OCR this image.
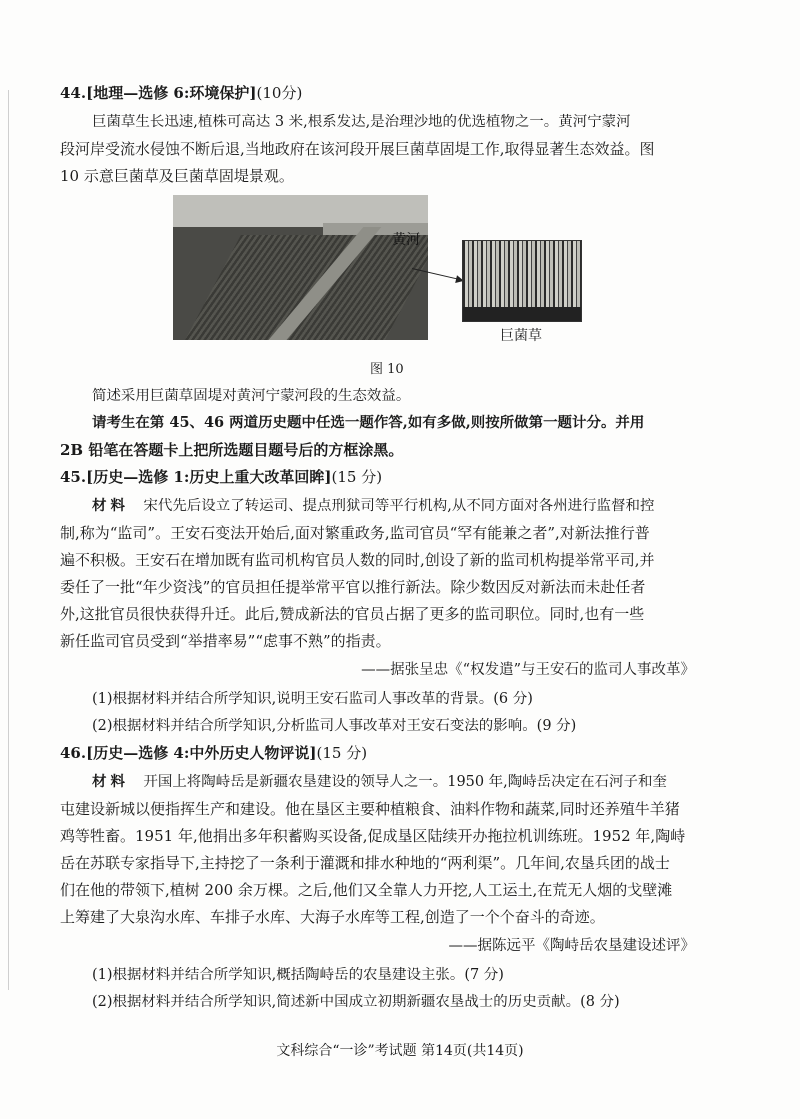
44.[地理—选修 6:环境保护](10分)
巨菌草生长迅速,植株可高达 3 米,根系发达,是治理沙地的优选植物之一。黄河宁蒙河
段河岸受流水侵蚀不断后退,当地政府在该河段开展巨菌草固堤工作,取得显著生态效益。图
10 示意巨菌草及巨菌草固堤景观。
黄河
巨菌草
图 10
简述采用巨菌草固堤对黄河宁蒙河段的生态效益。
请考生在第 45、46 两道历史题中任选一题作答,如有多做,则按所做第一题计分。并用
2B 铅笔在答题卡上把所选题目题号后的方框涂黑。
45.[历史—选修 1:历史上重大改革回眸](15 分)
材料  宋代先后设立了转运司、提点刑狱司等平行机构,从不同方面对各州进行监督和控
制,称为“监司”。王安石变法开始后,面对繁重政务,监司官员“罕有能兼之者”,对新法推行普
遍不积极。王安石在增加既有监司机构官员人数的同时,创设了新的监司机构提举常平司,并
委任了一批“年少资浅”的官员担任提举常平官以推行新法。除少数因反对新法而未赴任者
外,这批官员很快获得升迁。此后,赞成新法的官员占据了更多的监司职位。同时,也有一些
新任监司官员受到“举措率易”“虑事不熟”的指责。
——据张呈忠《“权发遣”与王安石的监司人事改革》
(1)根据材料并结合所学知识,说明王安石监司人事改革的背景。(6 分)
(2)根据材料并结合所学知识,分析监司人事改革对王安石变法的影响。(9 分)
46.[历史—选修 4:中外历史人物评说](15 分)
材料  开国上将陶峙岳是新疆农垦建设的领导人之一。1950 年,陶峙岳决定在石河子和奎
屯建设新城以便指挥生产和建设。他在垦区主要种植粮食、油料作物和蔬菜,同时还养殖牛羊猪
鸡等牲畜。1951 年,他捐出多年积蓄购买设备,促成垦区陆续开办拖拉机训练班。1952 年,陶峙
岳在苏联专家指导下,主持挖了一条利于灌溉和排水种地的“两利渠”。几年间,农垦兵团的战士
们在他的带领下,植树 200 余万棵。之后,他们又全靠人力开挖,人工运土,在荒无人烟的戈壁滩
上筹建了大泉沟水库、车排子水库、大海子水库等工程,创造了一个个奋斗的奇迹。
——据陈远平《陶峙岳农垦建设述评》
(1)根据材料并结合所学知识,概括陶峙岳的农垦建设主张。(7 分)
(2)根据材料并结合所学知识,简述新中国成立初期新疆农垦战士的历史贡献。(8 分)
文科综合“一诊”考试题 第14页(共14页)
